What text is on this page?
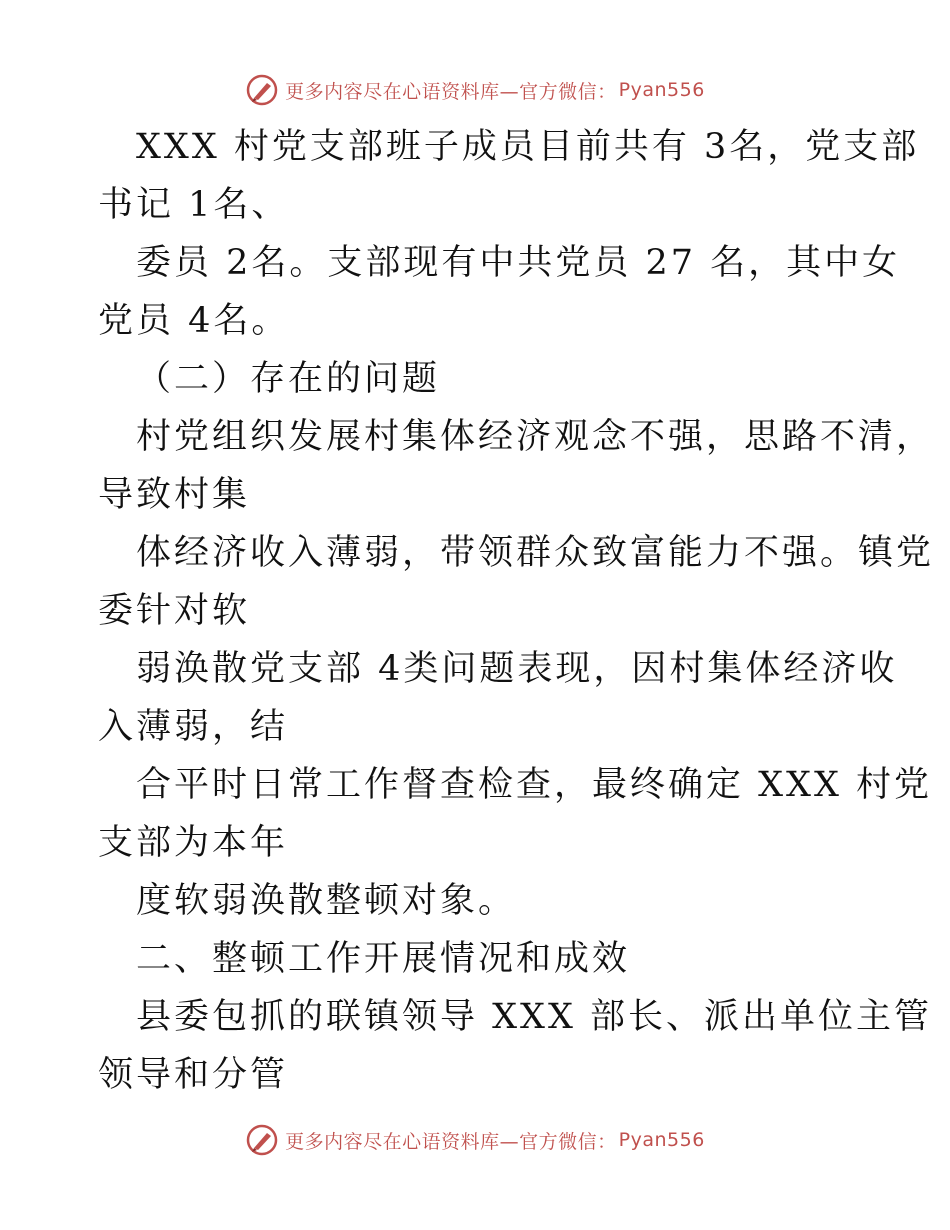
更多内容尽在心语资料库—官方微信： Pyan556
XXX 村党支部班子成员目前共有 3名，党支部
书记 1名、
委员 2名。支部现有中共党员 27 名，其中女
党员 4名。
（二）存在的问题
村党组织发展村集体经济观念不强，思路不清，
导致村集
体经济收入薄弱，带领群众致富能力不强。镇党
委针对软
弱涣散党支部 4类问题表现，因村集体经济收
入薄弱，结
合平时日常工作督查检查，最终确定 XXX 村党
支部为本年
度软弱涣散整顿对象。
二、整顿工作开展情况和成效
县委包抓的联镇领导 XXX 部长、派出单位主管
领导和分管
更多内容尽在心语资料库—官方微信： Pyan556
